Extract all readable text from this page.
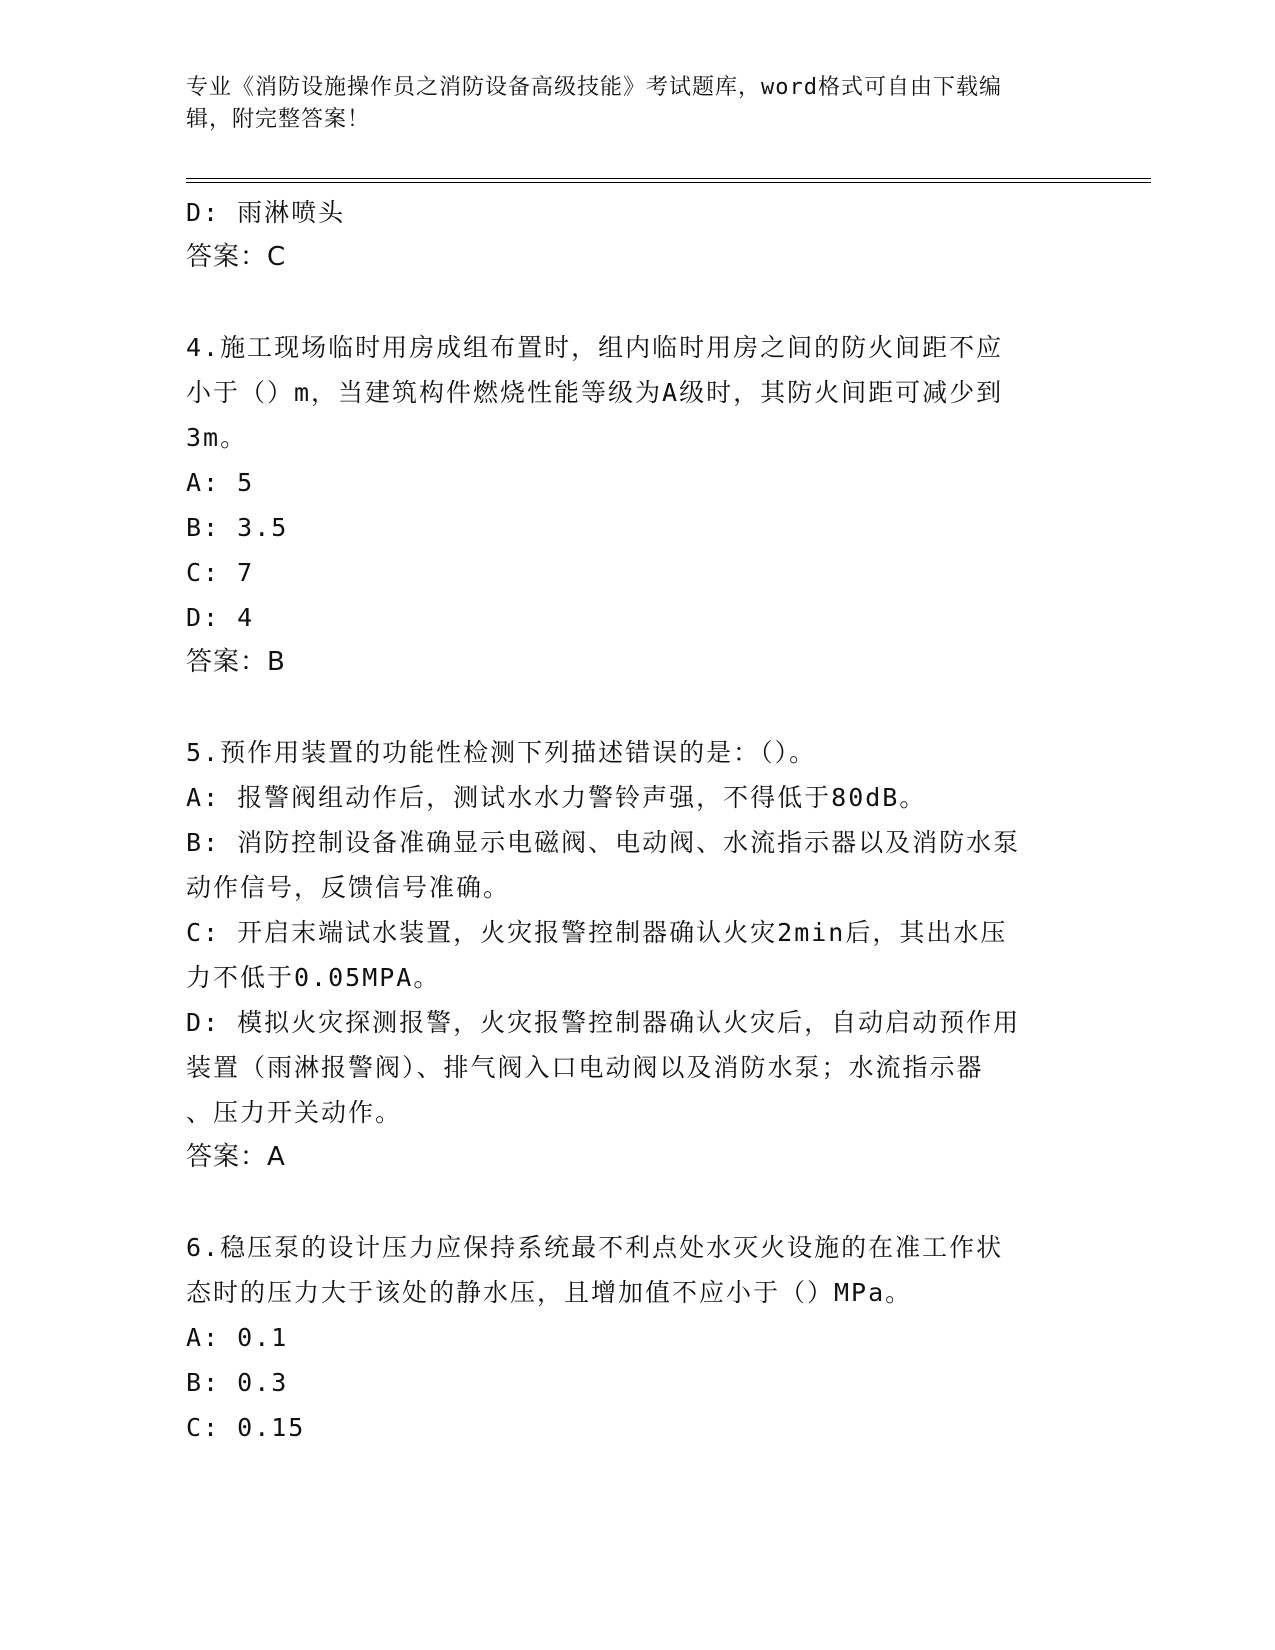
专业《消防设施操作员之消防设备高级技能》考试题库，word格式可自由下载编
辑，附完整答案！
D: 雨淋喷头
答案：C
4.施工现场临时用房成组布置时，组内临时用房之间的防火间距不应
小于（）m，当建筑构件燃烧性能等级为A级时，其防火间距可减少到
3m。
A: 5
B: 3.5
C: 7
D: 4
答案：B
5.预作用装置的功能性检测下列描述错误的是：（）。
A: 报警阀组动作后，测试水水力警铃声强，不得低于80dB。
B: 消防控制设备准确显示电磁阀、电动阀、水流指示器以及消防水泵
动作信号，反馈信号准确。
C: 开启末端试水装置，火灾报警控制器确认火灾2min后，其出水压
力不低于0.05MPA。
D: 模拟火灾探测报警，火灾报警控制器确认火灾后，自动启动预作用
装置（雨淋报警阀）、排气阀入口电动阀以及消防水泵；水流指示器
、压力开关动作。
答案：A
6.稳压泵的设计压力应保持系统最不利点处水灭火设施的在准工作状
态时的压力大于该处的静水压，且增加值不应小于（）MPa。
A: 0.1
B: 0.3
C: 0.15
